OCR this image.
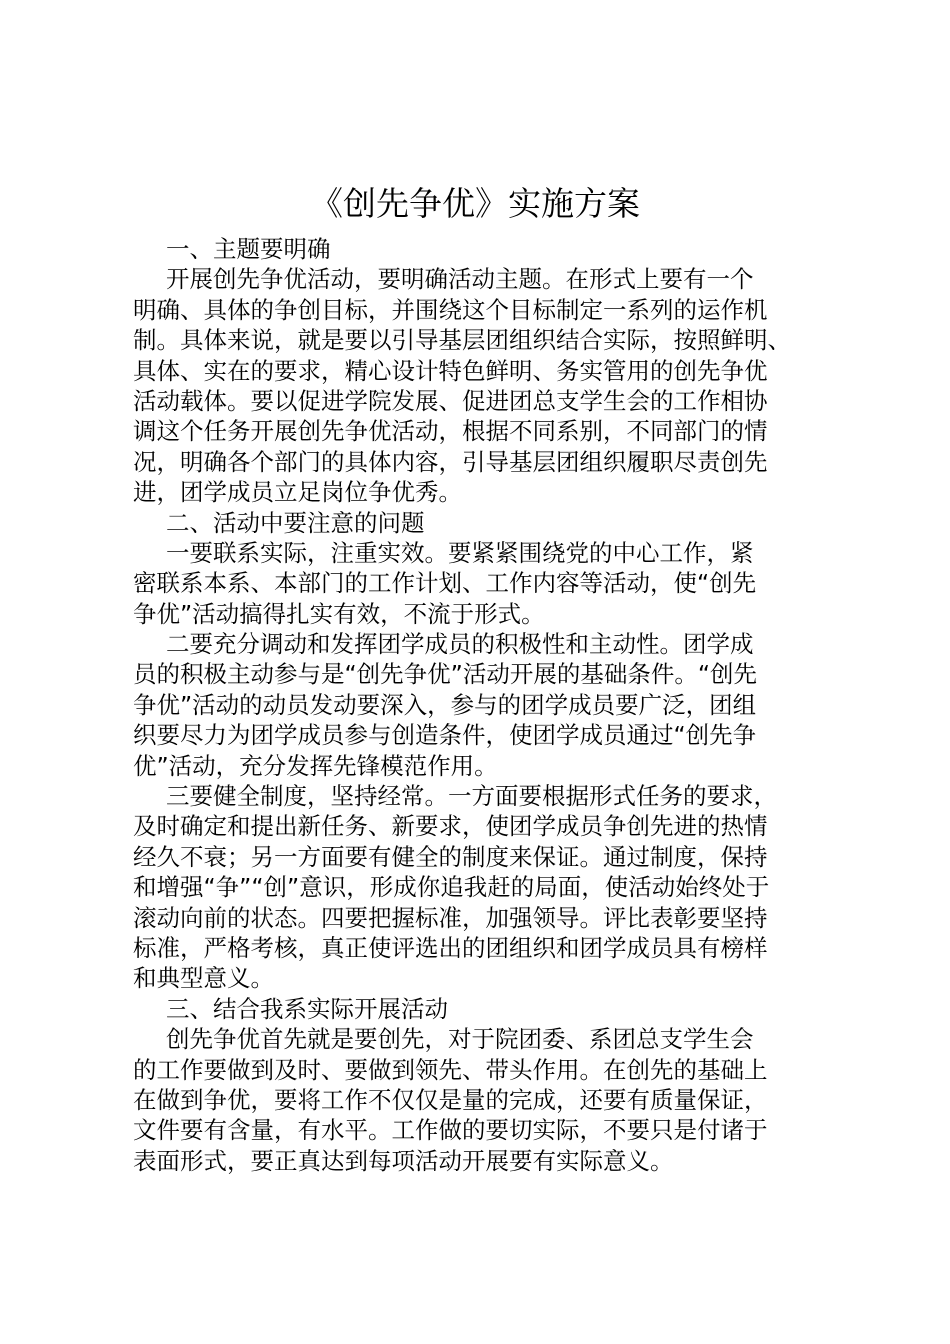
《创先争优》实施方案
一、主题要明确
开展创先争优活动，要明确活动主题。在形式上要有一个
明确、具体的争创目标，并围绕这个目标制定一系列的运作机
制。具体来说，就是要以引导基层团组织结合实际，按照鲜明、
具体、实在的要求，精心设计特色鲜明、务实管用的创先争优
活动载体。要以促进学院发展、促进团总支学生会的工作相协
调这个任务开展创先争优活动，根据不同系别，不同部门的情
况，明确各个部门的具体内容，引导基层团组织履职尽责创先
进，团学成员立足岗位争优秀。
二、活动中要注意的问题
一要联系实际，注重实效。要紧紧围绕党的中心工作，紧
密联系本系、本部门的工作计划、工作内容等活动，使“创先
争优”活动搞得扎实有效，不流于形式。
二要充分调动和发挥团学成员的积极性和主动性。团学成
员的积极主动参与是“创先争优”活动开展的基础条件。“创先
争优”活动的动员发动要深入，参与的团学成员要广泛，团组
织要尽力为团学成员参与创造条件，使团学成员通过“创先争
优”活动，充分发挥先锋模范作用。
三要健全制度，坚持经常。一方面要根据形式任务的要求，
及时确定和提出新任务、新要求，使团学成员争创先进的热情
经久不衰；另一方面要有健全的制度来保证。通过制度，保持
和增强“争”“创”意识，形成你追我赶的局面，使活动始终处于
滚动向前的状态。四要把握标准，加强领导。评比表彰要坚持
标准，严格考核，真正使评选出的团组织和团学成员具有榜样
和典型意义。
三、结合我系实际开展活动
创先争优首先就是要创先，对于院团委、系团总支学生会
的工作要做到及时、要做到领先、带头作用。在创先的基础上
在做到争优，要将工作不仅仅是量的完成，还要有质量保证，
文件要有含量，有水平。工作做的要切实际，不要只是付诸于
表面形式，要正真达到每项活动开展要有实际意义。
